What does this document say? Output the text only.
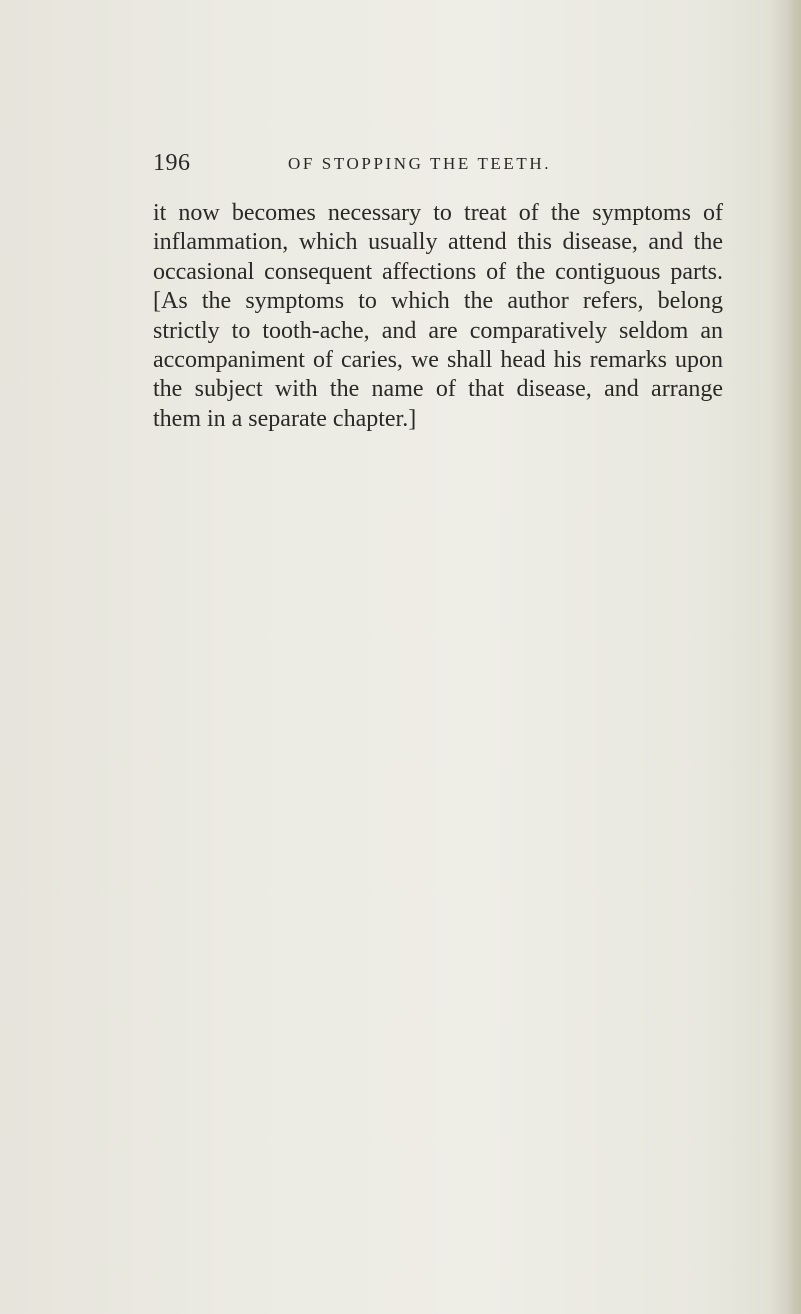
196	OF STOPPING THE TEETH.
it now becomes necessary to treat of the symptoms of
inflammation, which usually attend this disease, and the
occasional consequent affections of the contiguous parts.
[As the symptoms to which the author refers, belong
strictly to tooth-ache, and are comparatively seldom an
accompaniment of caries, we shall head his remarks upon
the subject with the name of that disease, and arrange
them in a separate chapter.]
